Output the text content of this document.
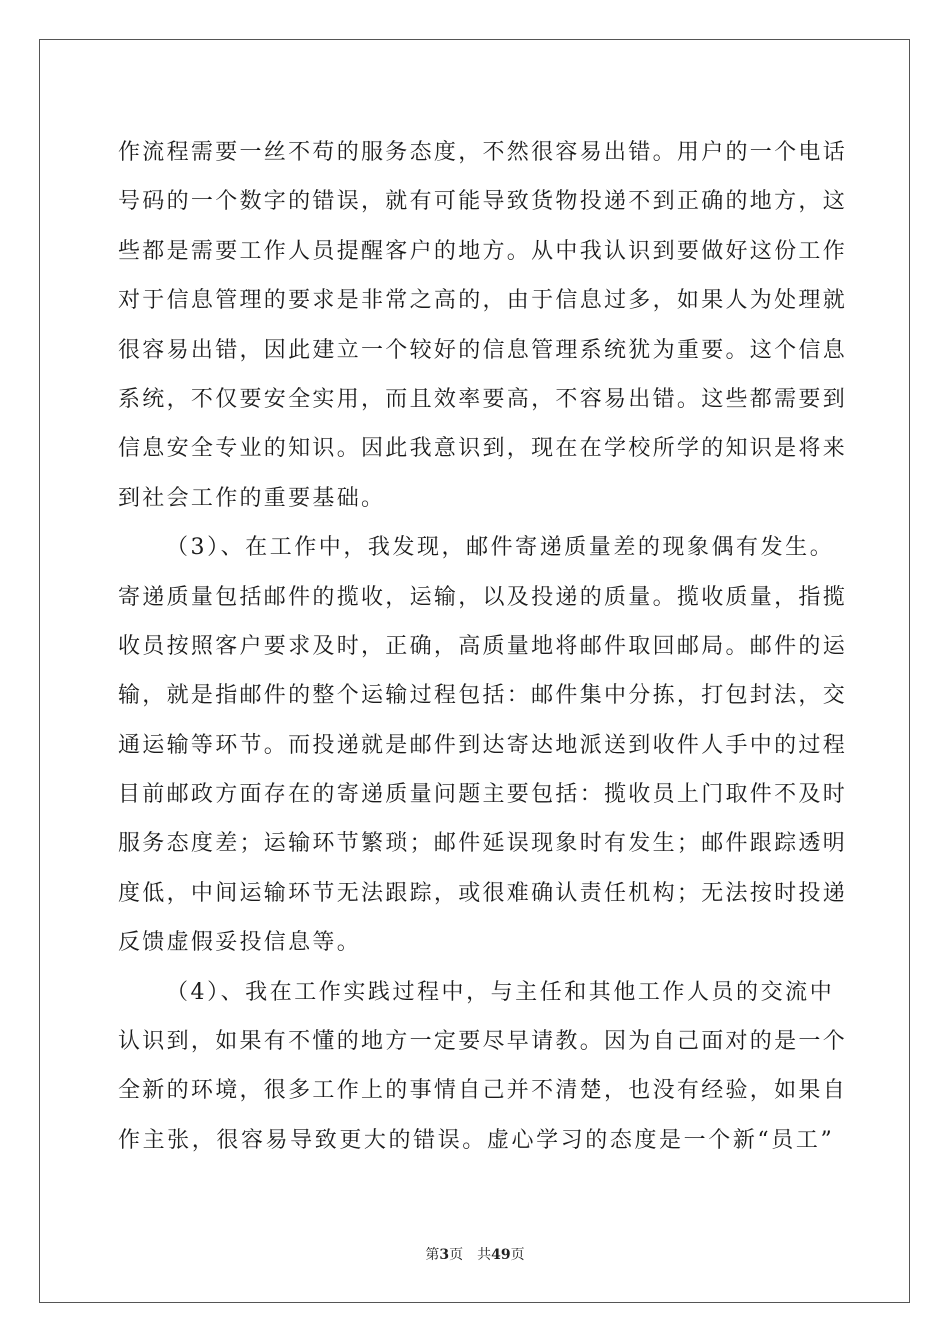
作流程需要一丝不苟的服务态度，不然很容易出错。用户的一个电话
号码的一个数字的错误，就有可能导致货物投递不到正确的地方，这
些都是需要工作人员提醒客户的地方。从中我认识到要做好这份工作
对于信息管理的要求是非常之高的，由于信息过多，如果人为处理就
很容易出错，因此建立一个较好的信息管理系统犹为重要。这个信息
系统，不仅要安全实用，而且效率要高，不容易出错。这些都需要到
信息安全专业的知识。因此我意识到，现在在学校所学的知识是将来
到社会工作的重要基础。
（3）、在工作中，我发现，邮件寄递质量差的现象偶有发生。
寄递质量包括邮件的揽收，运输，以及投递的质量。揽收质量，指揽
收员按照客户要求及时，正确，高质量地将邮件取回邮局。邮件的运
输，就是指邮件的整个运输过程包括：邮件集中分拣，打包封法，交
通运输等环节。而投递就是邮件到达寄达地派送到收件人手中的过程
目前邮政方面存在的寄递质量问题主要包括：揽收员上门取件不及时
服务态度差；运输环节繁琐；邮件延误现象时有发生；邮件跟踪透明
度低，中间运输环节无法跟踪，或很难确认责任机构；无法按时投递
反馈虚假妥投信息等。
（4）、我在工作实践过程中，与主任和其他工作人员的交流中
认识到，如果有不懂的地方一定要尽早请教。因为自己面对的是一个
全新的环境，很多工作上的事情自己并不清楚，也没有经验，如果自
作主张，很容易导致更大的错误。虚心学习的态度是一个新“员工”
第3页 共49页
